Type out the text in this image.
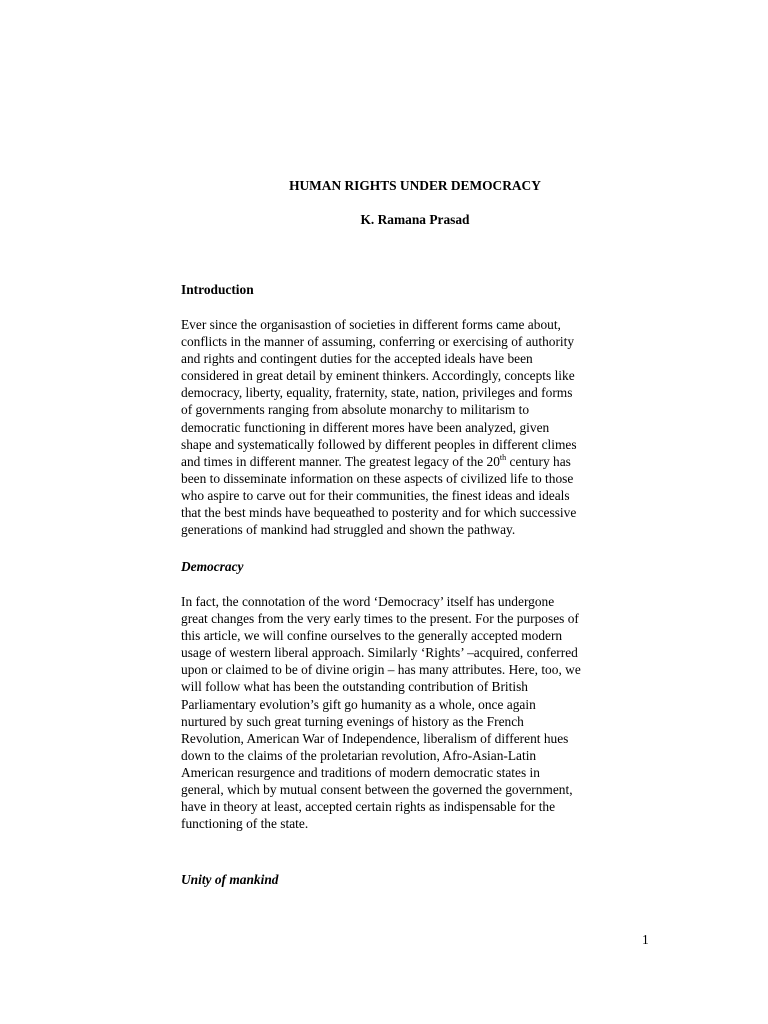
HUMAN RIGHTS UNDER DEMOCRACY

K. Ramana Prasad

Introduction

Ever since the organisastion of societies in different forms came about,
conflicts in the manner of assuming, conferring or exercising of authority
and rights and contingent duties for the accepted ideals have been
considered in great detail by eminent thinkers. Accordingly, concepts like
democracy, liberty, equality, fraternity, state, nation, privileges and forms
of governments ranging from absolute monarchy to militarism to
democratic functioning in different mores have been analyzed, given
shape and systematically followed by different peoples in different climes
and times in different manner. The greatest legacy of the 20th century has
been to disseminate information on these aspects of civilized life to those
who aspire to carve out for their communities, the finest ideas and ideals
that the best minds have bequeathed to posterity and for which successive
generations of mankind had struggled and shown the pathway.

Democracy

In fact, the connotation of the word ‘Democracy’ itself has undergone
great changes from the very early times to the present. For the purposes of
this article, we will confine ourselves to the generally accepted modern
usage of western liberal approach. Similarly ‘Rights’ –acquired, conferred
upon or claimed to be of divine origin – has many attributes. Here, too, we
will follow what has been the outstanding contribution of British
Parliamentary evolution’s gift go humanity as a whole, once again
nurtured by such great turning evenings of history as the French
Revolution, American War of Independence, liberalism of different hues
down to the claims of the proletarian revolution, Afro-Asian-Latin
American resurgence and traditions of modern democratic states in
general, which by mutual consent between the governed the government,
have in theory at least, accepted certain rights as indispensable for the
functioning of the state.

Unity of mankind

1
